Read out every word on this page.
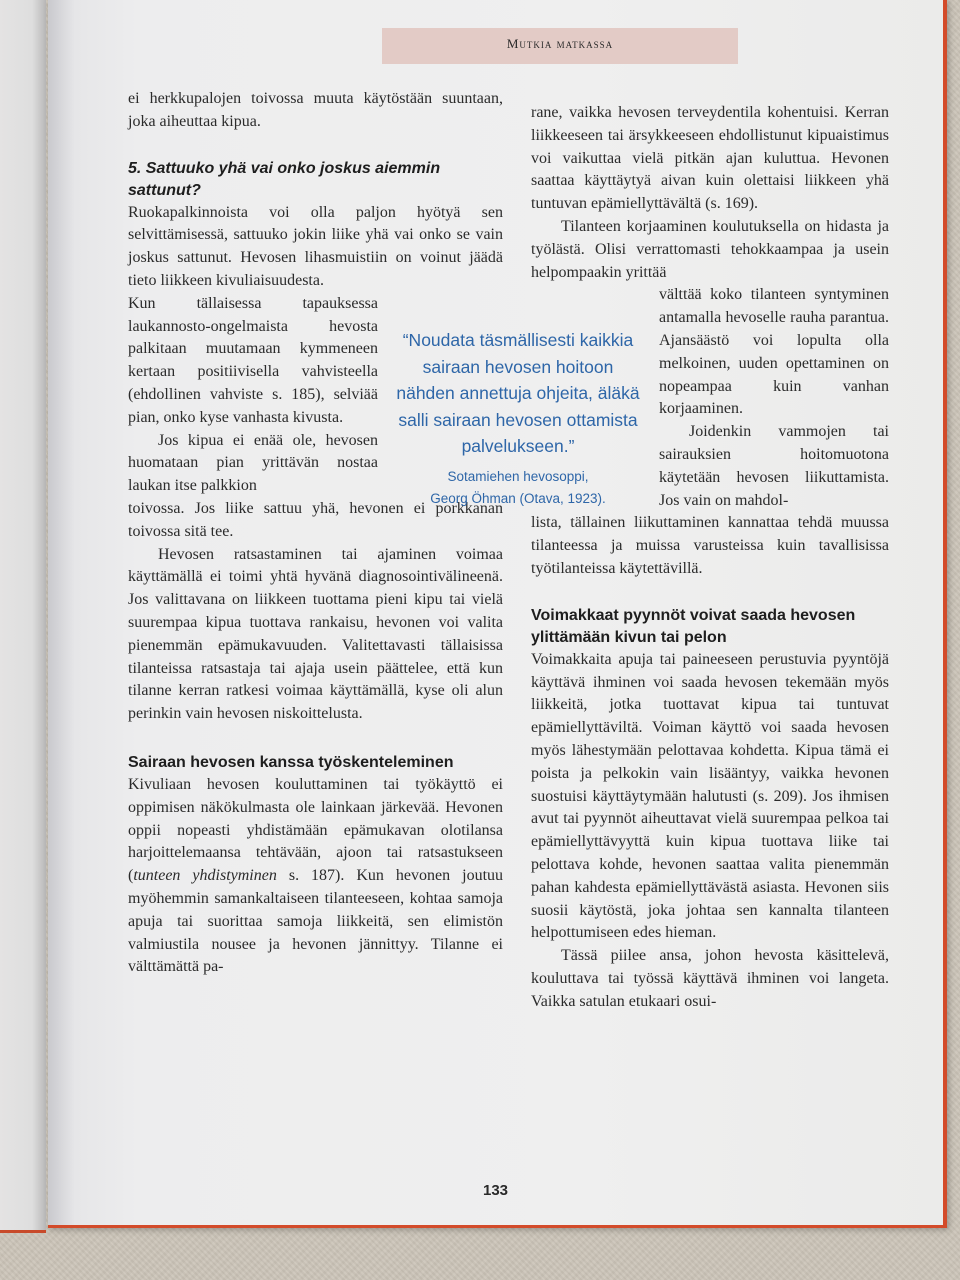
Mutkia matkassa

ei herkkupalojen toivossa muuta käytöstään suuntaan, joka aiheuttaa kipua.

5. Sattuuko yhä vai onko joskus aiemmin sattunut?

Ruokapalkinnoista voi olla paljon hyötyä sen selvittämisessä, sattuuko jokin liike yhä vai onko se vain joskus sattunut. Hevosen lihasmuistiin on voinut jäädä tieto liikkeen kivuliaisuudesta.

Kun tällaisessa tapauksessa laukannosto-ongelmaista hevosta palkitaan muutamaan kymmeneen kertaan positiivisella vahvisteella (ehdollinen vahviste s. 185), selviää pian, onko kyse vanhasta kivusta.

Jos kipua ei enää ole, hevosen huomataan pian yrittävän nostaa laukan itse palkkion

toivossa. Jos liike sattuu yhä, hevonen ei porkkanan toivossa sitä tee.

Hevosen ratsastaminen tai ajaminen voimaa käyttämällä ei toimi yhtä hyvänä diagnosointivälineenä. Jos valittavana on liikkeen tuottama pieni kipu tai vielä suurempaa kipua tuottava rankaisu, hevonen voi valita pienemmän epämukavuuden. Valitettavasti tällaisissa tilanteissa ratsastaja tai ajaja usein päättelee, että kun tilanne kerran ratkesi voimaa käyttämällä, kyse oli alun perinkin vain hevosen niskoittelusta.

Sairaan hevosen kanssa työskenteleminen

Kivuliaan hevosen kouluttaminen tai työkäyttö ei oppimisen näkökulmasta ole lainkaan järkevää. Hevonen oppii nopeasti yhdistämään epämukavan olotilansa harjoittelemaansa tehtävään, ajoon tai ratsastukseen (tunteen yhdistyminen s. 187). Kun hevonen joutuu myöhemmin samankaltaiseen tilanteeseen, kohtaa samoja apuja tai suorittaa samoja liikkeitä, sen elimistön valmiustila nousee ja hevonen jännittyy. Tilanne ei välttämättä pa-

“Noudata täsmällisesti kaikkia sairaan hevosen hoitoon nähden annettuja ohjeita, äläkä salli sairaan hevosen ottamista palvelukseen.”
Sotamiehen hevosoppi,
Georg Öhman (Otava, 1923).

rane, vaikka hevosen terveydentila kohentuisi. Kerran liikkeeseen tai ärsykkeeseen ehdollistunut kipuaistimus voi vaikuttaa vielä pitkän ajan kuluttua. Hevonen saattaa käyttäytyä aivan kuin olettaisi liikkeen yhä tuntuvan epämiellyttävältä (s. 169).

Tilanteen korjaaminen koulutuksella on hidasta ja työlästä. Olisi verrattomasti tehokkaampaa ja usein helpompaakin yrittää

välttää koko tilanteen syntyminen antamalla hevoselle rauha parantua. Ajansäästö voi lopulta olla melkoinen, uuden opettaminen on nopeampaa kuin vanhan korjaaminen.

Joidenkin vammojen tai sairauksien hoitomuotona käytetään hevosen liikuttamista. Jos vain on mahdol-

lista, tällainen liikuttaminen kannattaa tehdä muussa tilanteessa ja muissa varusteissa kuin tavallisissa työtilanteissa käytettävillä.

Voimakkaat pyynnöt voivat saada hevosen ylittämään kivun tai pelon

Voimakkaita apuja tai paineeseen perustuvia pyyntöjä käyttävä ihminen voi saada hevosen tekemään myös liikkeitä, jotka tuottavat kipua tai tuntuvat epämiellyttäviltä. Voiman käyttö voi saada hevosen myös lähestymään pelottavaa kohdetta. Kipua tämä ei poista ja pelkokin vain lisääntyy, vaikka hevonen suostuisi käyttäytymään halutusti (s. 209). Jos ihmisen avut tai pyynnöt aiheuttavat vielä suurempaa pelkoa tai epämiellyttävyyttä kuin kipua tuottava liike tai pelottava kohde, hevonen saattaa valita pienemmän pahan kahdesta epämiellyttävästä asiasta. Hevonen siis suosii käytöstä, joka johtaa sen kannalta tilanteen helpottumiseen edes hieman.

Tässä piilee ansa, johon hevosta käsittelevä, kouluttava tai työssä käyttävä ihminen voi langeta. Vaikka satulan etukaari osui-

133
